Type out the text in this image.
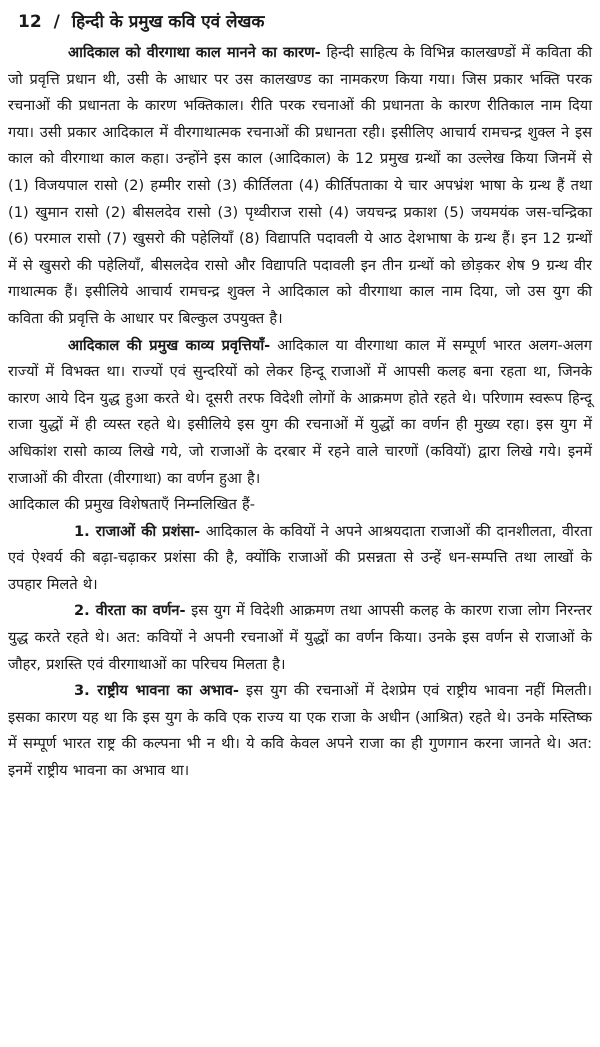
12 / हिन्दी के प्रमुख कवि एवं लेखक

आदिकाल को वीरगाथा काल मानने का कारण- हिन्दी साहित्य के विभिन्न कालखण्डों में कविता की जो प्रवृत्ति प्रधान थी, उसी के आधार पर उस कालखण्ड का नामकरण किया गया। जिस प्रकार भक्ति परक रचनाओं की प्रधानता के कारण भक्तिकाल। रीति परक रचनाओं की प्रधानता के कारण रीतिकाल नाम दिया गया। उसी प्रकार आदिकाल में वीरगाथात्मक रचनाओं की प्रधानता रही। इसीलिए आचार्य रामचन्द्र शुक्ल ने इस काल को वीरगाथा काल कहा। उन्होंने इस काल (आदिकाल) के 12 प्रमुख ग्रन्थों का उल्लेख किया जिनमें से (1) विजयपाल रासो (2) हम्मीर रासो (3) कीर्तिलता (4) कीर्तिपताका ये चार अपभ्रंश भाषा के ग्रन्थ हैं तथा (1) खुमान रासो (2) बीसलदेव रासो (3) पृथ्वीराज रासो (4) जयचन्द्र प्रकाश (5) जयमयंक जस-चन्द्रिका (6) परमाल रासो (7) खुसरो की पहेलियाँ (8) विद्यापति पदावली ये आठ देशभाषा के ग्रन्थ हैं। इन 12 ग्रन्थों में से खुसरो की पहेलियाँ, बीसलदेव रासो और विद्यापति पदावली इन तीन ग्रन्थों को छोड़कर शेष 9 ग्रन्थ वीर गाथात्मक हैं। इसीलिये आचार्य रामचन्द्र शुक्ल ने आदिकाल को वीरगाथा काल नाम दिया, जो उस युग की कविता की प्रवृत्ति के आधार पर बिल्कुल उपयुक्त है।

आदिकाल की प्रमुख काव्य प्रवृत्तियाँ- आदिकाल या वीरगाथा काल में सम्पूर्ण भारत अलग-अलग राज्यों में विभक्त था। राज्यों एवं सुन्दरियों को लेकर हिन्दू राजाओं में आपसी कलह बना रहता था, जिनके कारण आये दिन युद्ध हुआ करते थे। दूसरी तरफ विदेशी लोगों के आक्रमण होते रहते थे। परिणाम स्वरूप हिन्दू राजा युद्धों में ही व्यस्त रहते थे। इसीलिये इस युग की रचनाओं में युद्धों का वर्णन ही मुख्य रहा। इस युग में अधिकांश रासो काव्य लिखे गये, जो राजाओं के दरबार में रहने वाले चारणों (कवियों) द्वारा लिखे गये। इनमें राजाओं की वीरता (वीरगाथा) का वर्णन हुआ है।

आदिकाल की प्रमुख विशेषताएँ निम्नलिखित हैं-

1. राजाओं की प्रशंसा- आदिकाल के कवियों ने अपने आश्रयदाता राजाओं की दानशीलता, वीरता एवं ऐश्वर्य की बढ़ा-चढ़ाकर प्रशंसा की है, क्योंकि राजाओं की प्रसन्नता से उन्हें धन-सम्पत्ति तथा लाखों के उपहार मिलते थे।

2. वीरता का वर्णन- इस युग में विदेशी आक्रमण तथा आपसी कलह के कारण राजा लोग निरन्तर युद्ध करते रहते थे। अत: कवियों ने अपनी रचनाओं में युद्धों का वर्णन किया। उनके इस वर्णन से राजाओं के जौहर, प्रशस्ति एवं वीरगाथाओं का परिचय मिलता है।

3. राष्ट्रीय भावना का अभाव- इस युग की रचनाओं में देशप्रेम एवं राष्ट्रीय भावना नहीं मिलती। इसका कारण यह था कि इस युग के कवि एक राज्य या एक राजा के अधीन (आश्रित) रहते थे। उनके मस्तिष्क में सम्पूर्ण भारत राष्ट्र की कल्पना भी न थी। ये कवि केवल अपने राजा का ही गुणगान करना जानते थे। अत: इनमें राष्ट्रीय भावना का अभाव था।
